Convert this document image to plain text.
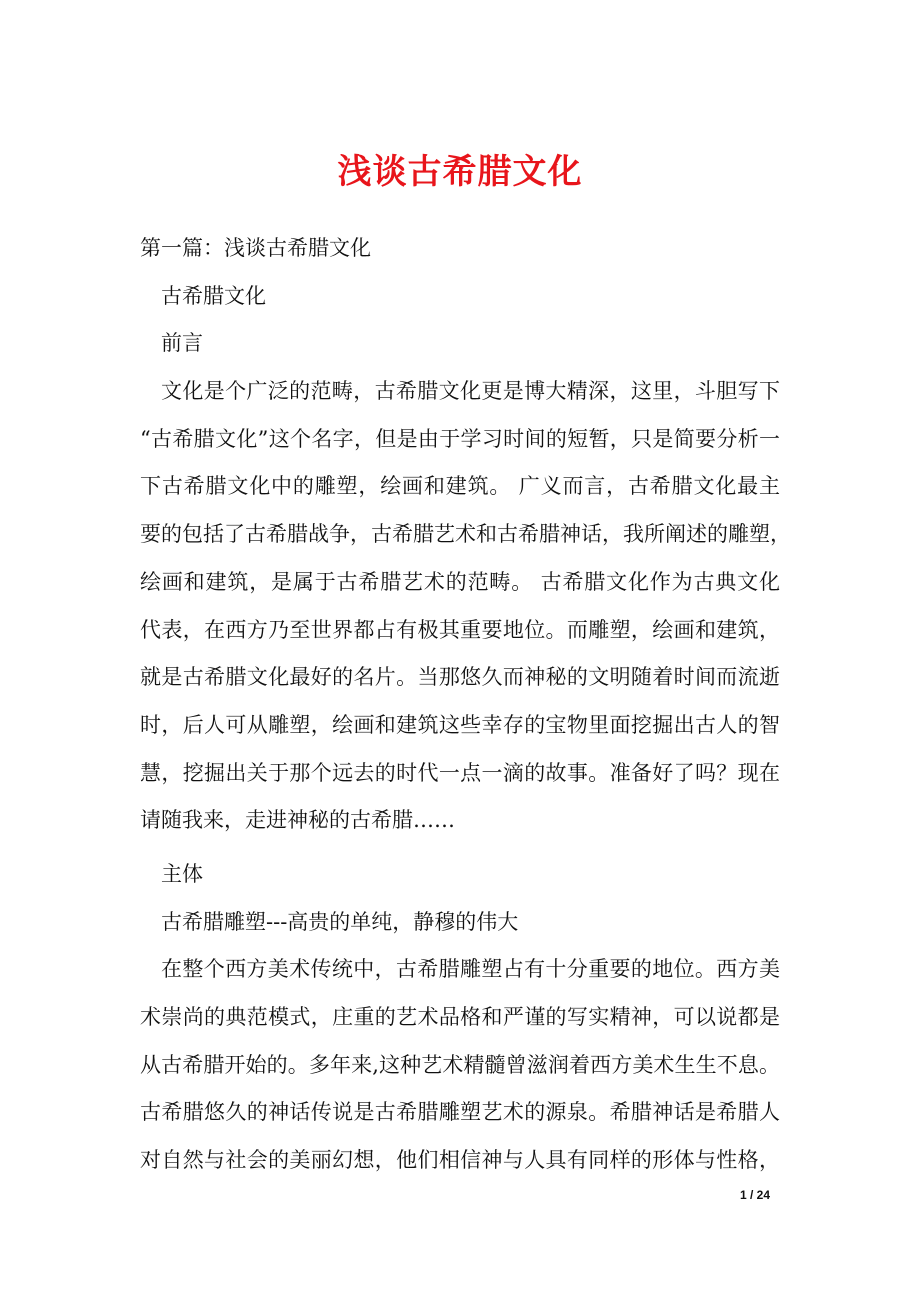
浅谈古希腊文化
第一篇：浅谈古希腊文化
古希腊文化
前言
文化是个广泛的范畴，古希腊文化更是博大精深，这里，斗胆写下
“古希腊文化”这个名字，但是由于学习时间的短暂，只是简要分析一
下古希腊文化中的雕塑，绘画和建筑。 广义而言，古希腊文化最主
要的包括了古希腊战争，古希腊艺术和古希腊神话，我所阐述的雕塑，
绘画和建筑，是属于古希腊艺术的范畴。 古希腊文化作为古典文化
代表，在西方乃至世界都占有极其重要地位。而雕塑，绘画和建筑，
就是古希腊文化最好的名片。当那悠久而神秘的文明随着时间而流逝
时，后人可从雕塑，绘画和建筑这些幸存的宝物里面挖掘出古人的智
慧，挖掘出关于那个远去的时代一点一滴的故事。准备好了吗？现在
请随我来，走进神秘的古希腊……
主体
古希腊雕塑---高贵的单纯，静穆的伟大
在整个西方美术传统中，古希腊雕塑占有十分重要的地位。西方美
术崇尚的典范模式，庄重的艺术品格和严谨的写实精神，可以说都是
从古希腊开始的。多年来,这种艺术精髓曾滋润着西方美术生生不息。
古希腊悠久的神话传说是古希腊雕塑艺术的源泉。希腊神话是希腊人
对自然与社会的美丽幻想，他们相信神与人具有同样的形体与性格，
1 / 24
